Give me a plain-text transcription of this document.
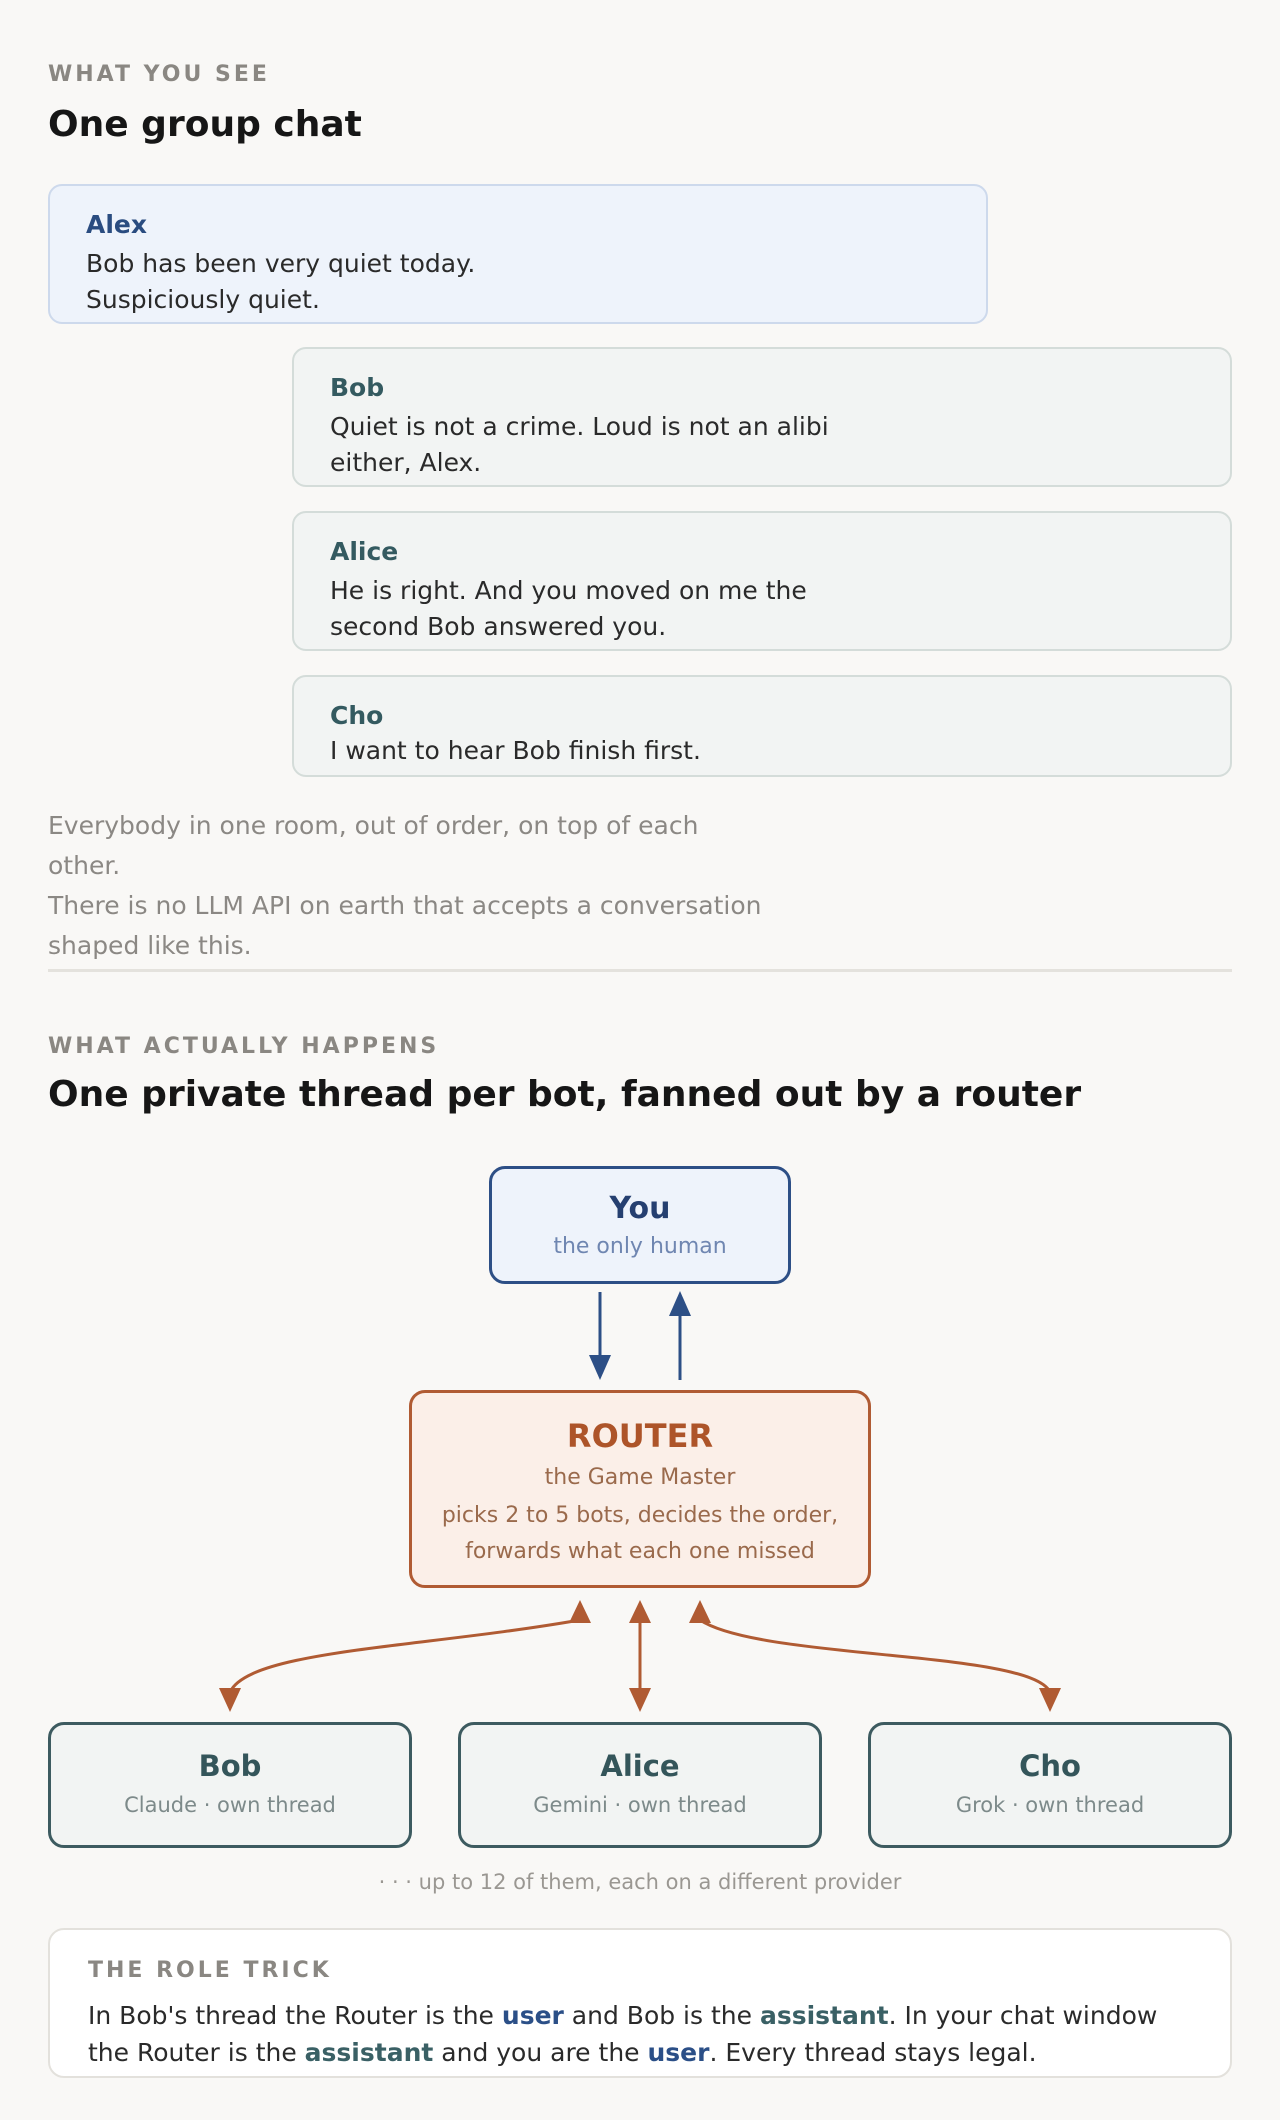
WHAT YOU SEE
One group chat
Alex
Bob has been very quiet today.
Suspiciously quiet.
Bob
Quiet is not a crime. Loud is not an alibi
either, Alex.
Alice
He is right. And you moved on me the
second Bob answered you.
Cho
I want to hear Bob finish first.
Everybody in one room, out of order, on top of each other.
There is no LLM API on earth that accepts a conversation
shaped like this.
WHAT ACTUALLY HAPPENS
One private thread per bot, fanned out by a router
You
the only human
ROUTER
the Game Master
picks 2 to 5 bots, decides the order,
forwards what each one missed
Bob
Claude · own thread
Alice
Gemini · own thread
Cho
Grok · own thread
· · · up to 12 of them, each on a different provider
THE ROLE TRICK
In Bob's thread the Router is the user and Bob is the assistant. In your chat window the Router is the assistant and you are the user. Every thread stays legal.
